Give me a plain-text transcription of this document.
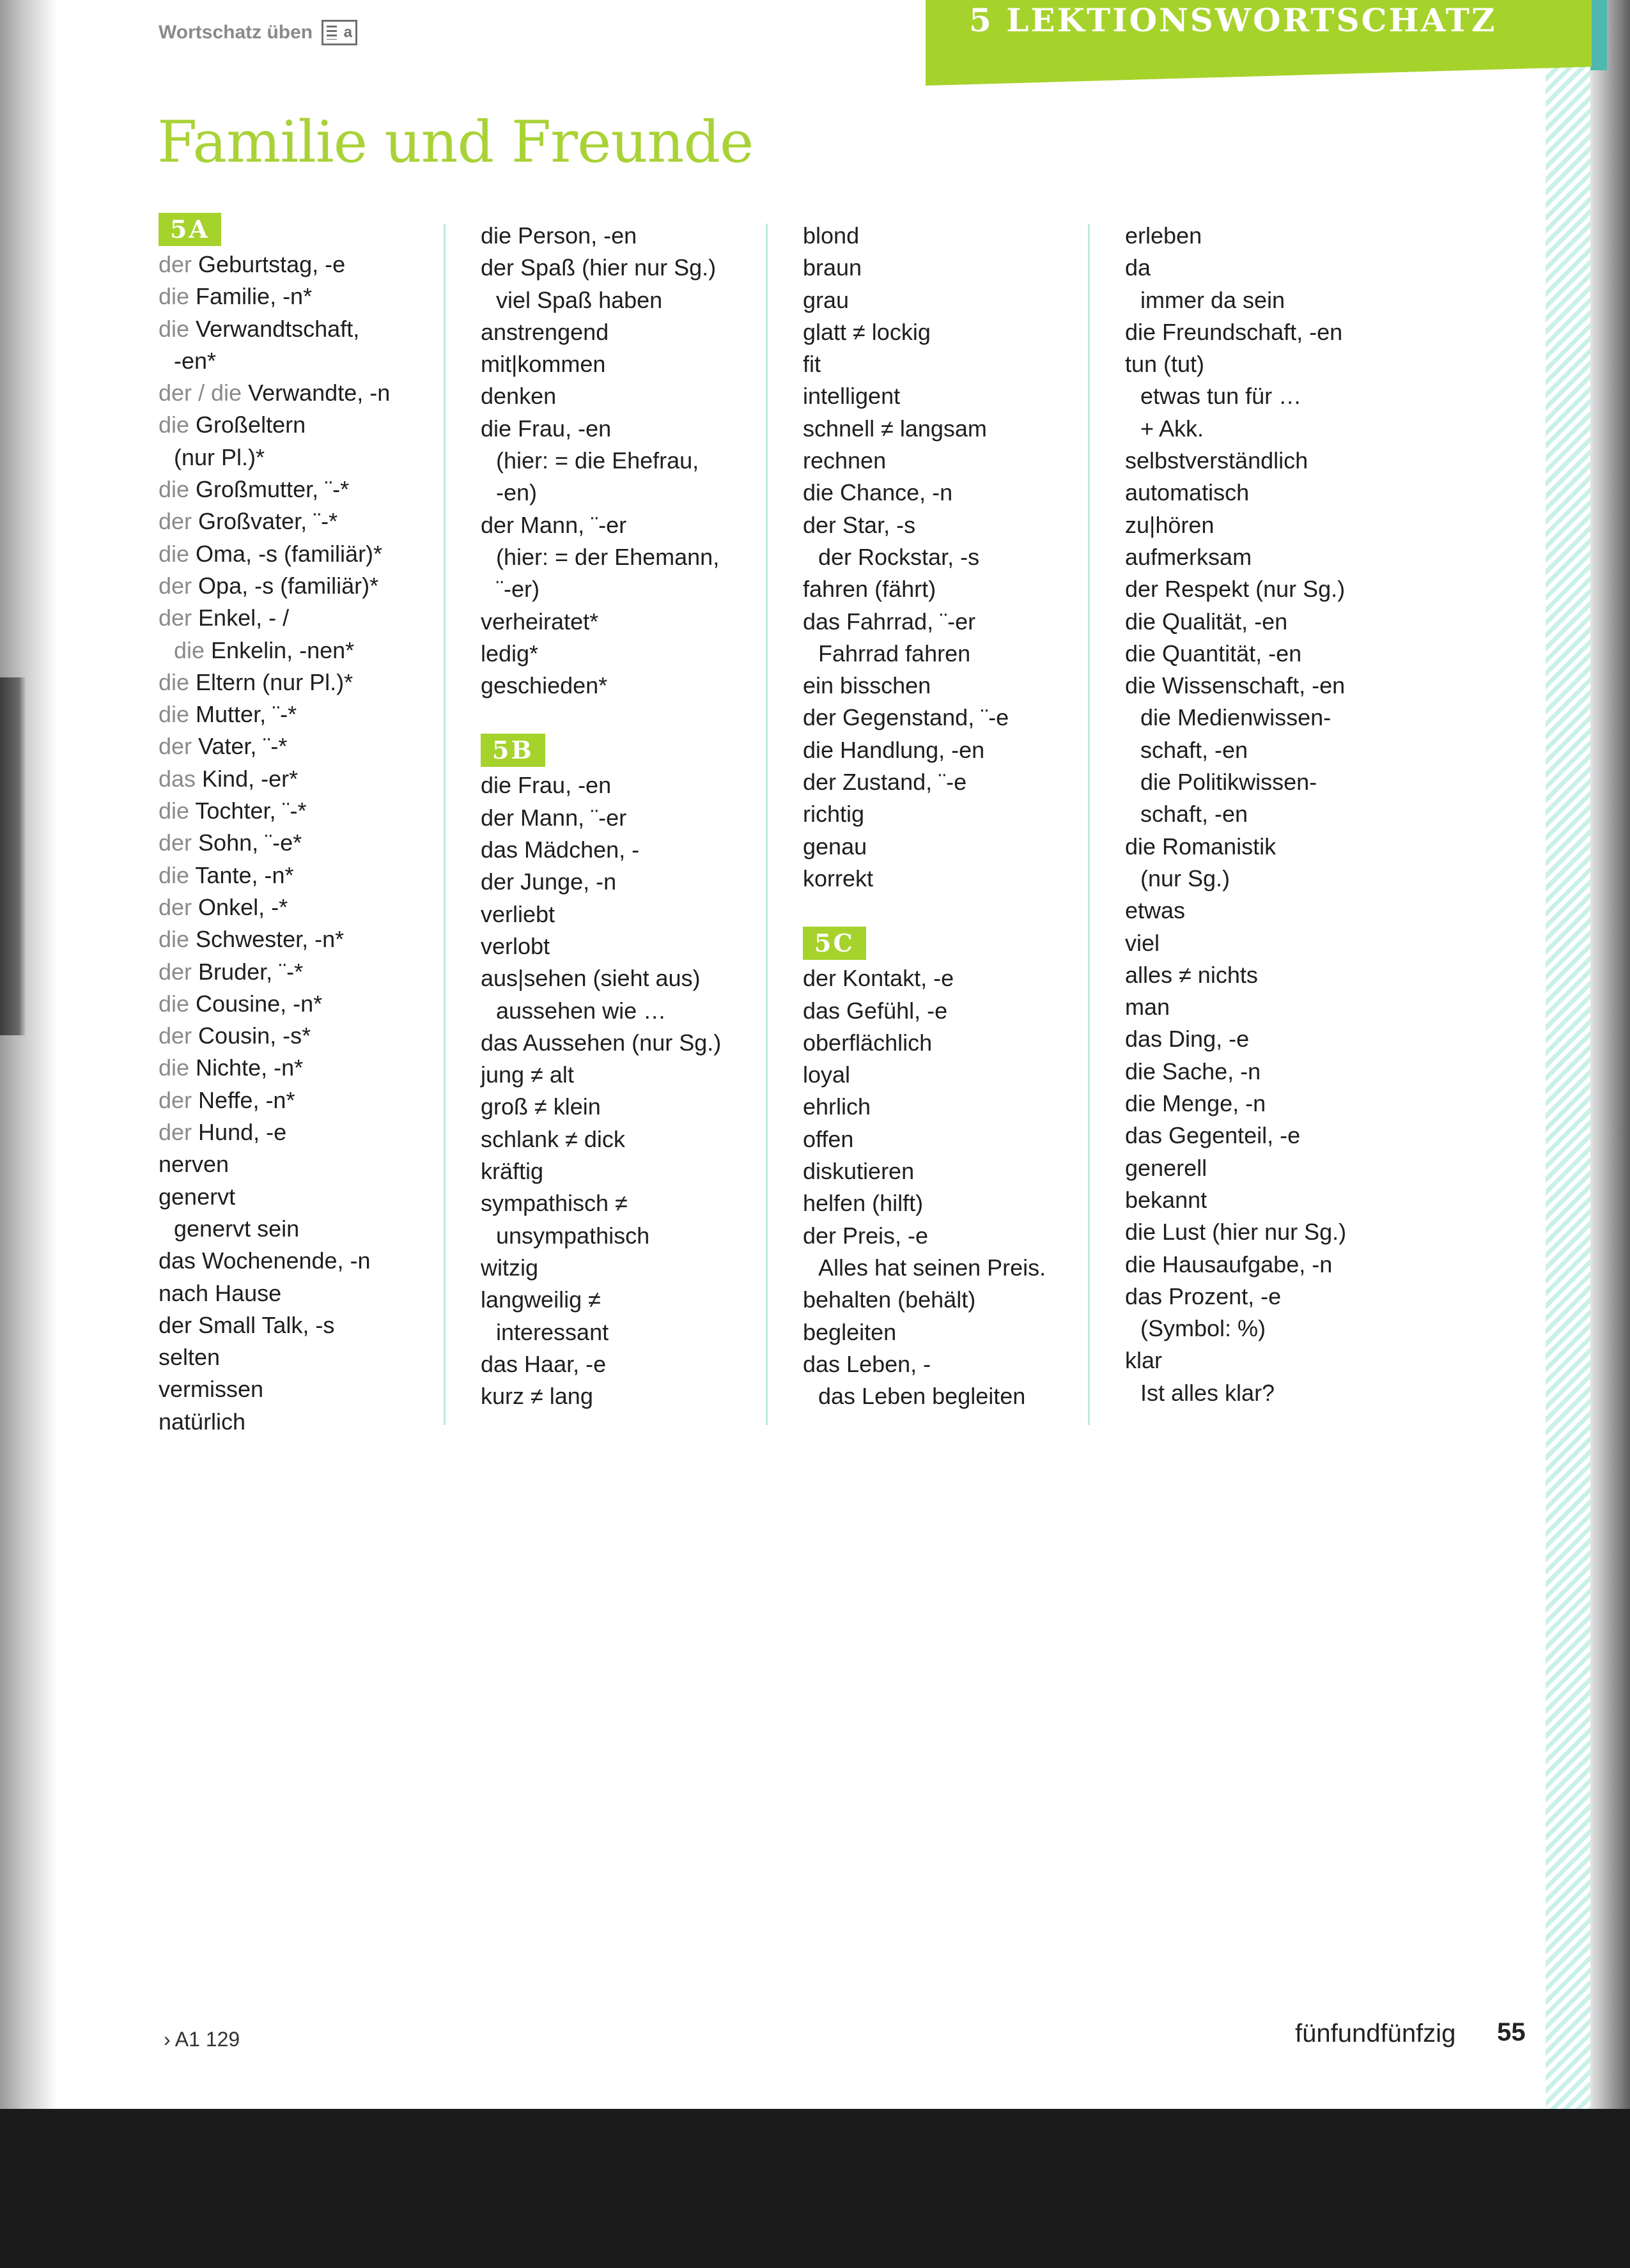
Wortschatz üben a	5 LEKTIONSWORTSCHATZ
Familie und Freunde
5A
der Geburtstag, -e
die Familie, -n*
die Verwandtschaft,
-en*
der / die Verwandte, -n
die Großeltern
(nur Pl.)*
die Großmutter, ¨-*
der Großvater, ¨-*
die Oma, -s (familiär)*
der Opa, -s (familiär)*
der Enkel, - /
die Enkelin, -nen*
die Eltern (nur Pl.)*
die Mutter, ¨-*
der Vater, ¨-*
das Kind, -er*
die Tochter, ¨-*
der Sohn, ¨-e*
die Tante, -n*
der Onkel, -*
die Schwester, -n*
der Bruder, ¨-*
die Cousine, -n*
der Cousin, -s*
die Nichte, -n*
der Neffe, -n*
der Hund, -e
nerven
genervt
genervt sein
das Wochenende, -n
nach Hause
der Small Talk, -s
selten
vermissen
natürlich
die Person, -en
der Spaß (hier nur Sg.)
viel Spaß haben
anstrengend
mit|kommen
denken
die Frau, -en
(hier: = die Ehefrau,
-en)
der Mann, ¨-er
(hier: = der Ehemann,
¨-er)
verheiratet*
ledig*
geschieden*
5B
die Frau, -en
der Mann, ¨-er
das Mädchen, -
der Junge, -n
verliebt
verlobt
aus|sehen (sieht aus)
aussehen wie …
das Aussehen (nur Sg.)
jung ≠ alt
groß ≠ klein
schlank ≠ dick
kräftig
sympathisch ≠
unsympathisch
witzig
langweilig ≠
interessant
das Haar, -e
kurz ≠ lang
blond
braun
grau
glatt ≠ lockig
fit
intelligent
schnell ≠ langsam
rechnen
die Chance, -n
der Star, -s
der Rockstar, -s
fahren (fährt)
das Fahrrad, ¨-er
Fahrrad fahren
ein bisschen
der Gegenstand, ¨-e
die Handlung, -en
der Zustand, ¨-e
richtig
genau
korrekt
5C
der Kontakt, -e
das Gefühl, -e
oberflächlich
loyal
ehrlich
offen
diskutieren
helfen (hilft)
der Preis, -e
Alles hat seinen Preis.
behalten (behält)
begleiten
das Leben, -
das Leben begleiten
erleben
da
immer da sein
die Freundschaft, -en
tun (tut)
etwas tun für …
+ Akk.
selbstverständlich
automatisch
zu|hören
aufmerksam
der Respekt (nur Sg.)
die Qualität, -en
die Quantität, -en
die Wissenschaft, -en
die Medienwissen-
schaft, -en
die Politikwissen-
schaft, -en
die Romanistik
(nur Sg.)
etwas
viel
alles ≠ nichts
man
das Ding, -e
die Sache, -n
die Menge, -n
das Gegenteil, -e
generell
bekannt
die Lust (hier nur Sg.)
die Hausaufgabe, -n
das Prozent, -e
(Symbol: %)
klar
Ist alles klar?
› A1 129	fünfundfünfzig 55
